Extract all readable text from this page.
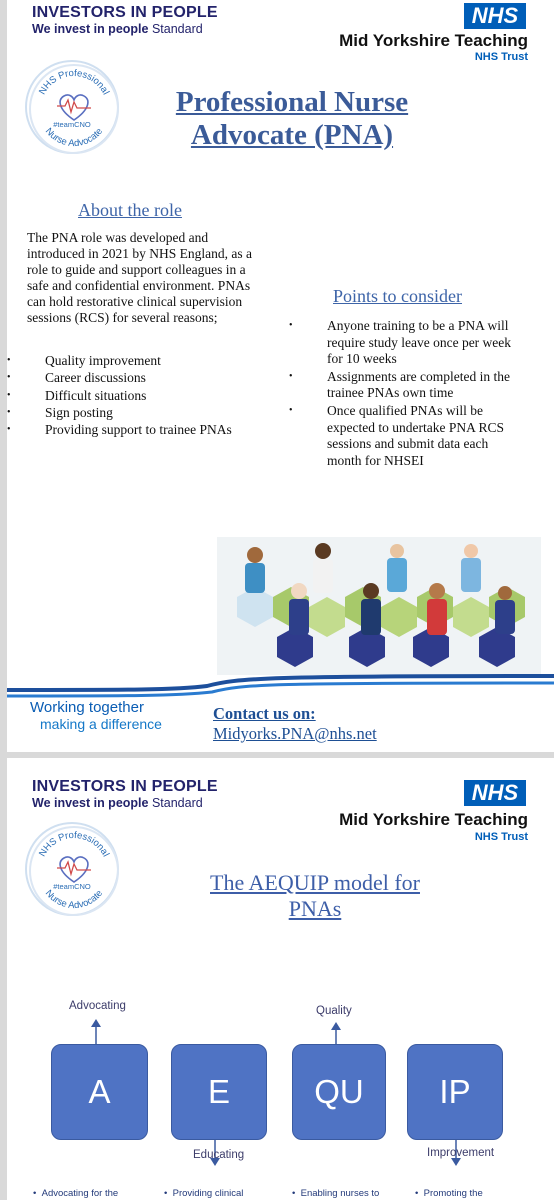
INVESTORS IN PEOPLE
We invest in people Standard
NHS
Mid Yorkshire Teaching
NHS Trust
NHS Professional
Nurse Advocate
#teamCNO
Professional Nurse
Advocate (PNA)
About the role
The PNA role was developed and introduced in 2021 by NHS England, as a role to guide and support colleagues in a safe and confidential environment. PNAs can hold restorative clinical supervision sessions (RCS) for several reasons;
• Quality improvement
• Career discussions
• Difficult situations
• Sign posting
• Providing support to trainee PNAs
Points to consider
• Anyone training to be a PNA will require study leave once per week for 10 weeks
• Assignments are completed in the trainee PNAs own time
• Once qualified PNAs will be expected to undertake PNA RCS sessions and submit data each month for NHSEI
Working together
making a difference
Contact us on:
Midyorks.PNA@nhs.net
INVESTORS IN PEOPLE
We invest in people Standard	NHS
Mid Yorkshire Teaching
NHS Trust
NHS Professional
Nurse Advocate
#teamCNO	The AEQUIP model for
PNAs
Advocating
A	E
Educating
Quality
QU	IP
Improvement
•  Advocating for the	•  Providing clinical	•  Enabling nurses to	•  Promoting the
